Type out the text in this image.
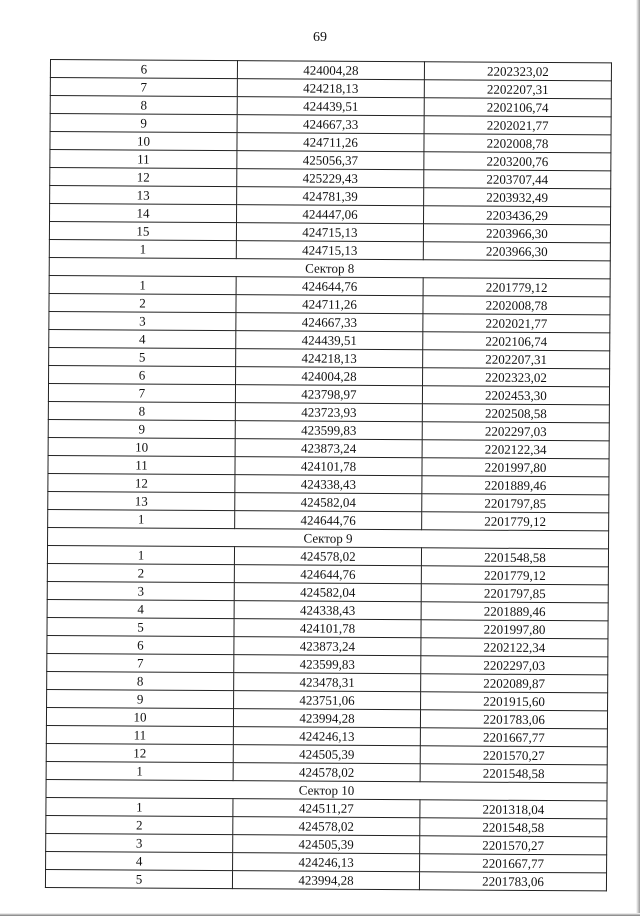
69
6	424004,28	2202323,02
7	424218,13	2202207,31
8	424439,51	2202106,74
9	424667,33	2202021,77
10	424711,26	2202008,78
11	425056,37	2203200,76
12	425229,43	2203707,44
13	424781,39	2203932,49
14	424447,06	2203436,29
15	424715,13	2203966,30
1	424715,13	2203966,30
Сектор 8		
1	424644,76	2201779,12
2	424711,26	2202008,78
3	424667,33	2202021,77
4	424439,51	2202106,74
5	424218,13	2202207,31
6	424004,28	2202323,02
7	423798,97	2202453,30
8	423723,93	2202508,58
9	423599,83	2202297,03
10	423873,24	2202122,34
11	424101,78	2201997,80
12	424338,43	2201889,46
13	424582,04	2201797,85
1	424644,76	2201779,12
Сектор 9		
1	424578,02	2201548,58
2	424644,76	2201779,12
3	424582,04	2201797,85
4	424338,43	2201889,46
5	424101,78	2201997,80
6	423873,24	2202122,34
7	423599,83	2202297,03
8	423478,31	2202089,87
9	423751,06	2201915,60
10	423994,28	2201783,06
11	424246,13	2201667,77
12	424505,39	2201570,27
1	424578,02	2201548,58
Сектор 10		
1	424511,27	2201318,04
2	424578,02	2201548,58
3	424505,39	2201570,27
4	424246,13	2201667,77
5	423994,28	2201783,06
